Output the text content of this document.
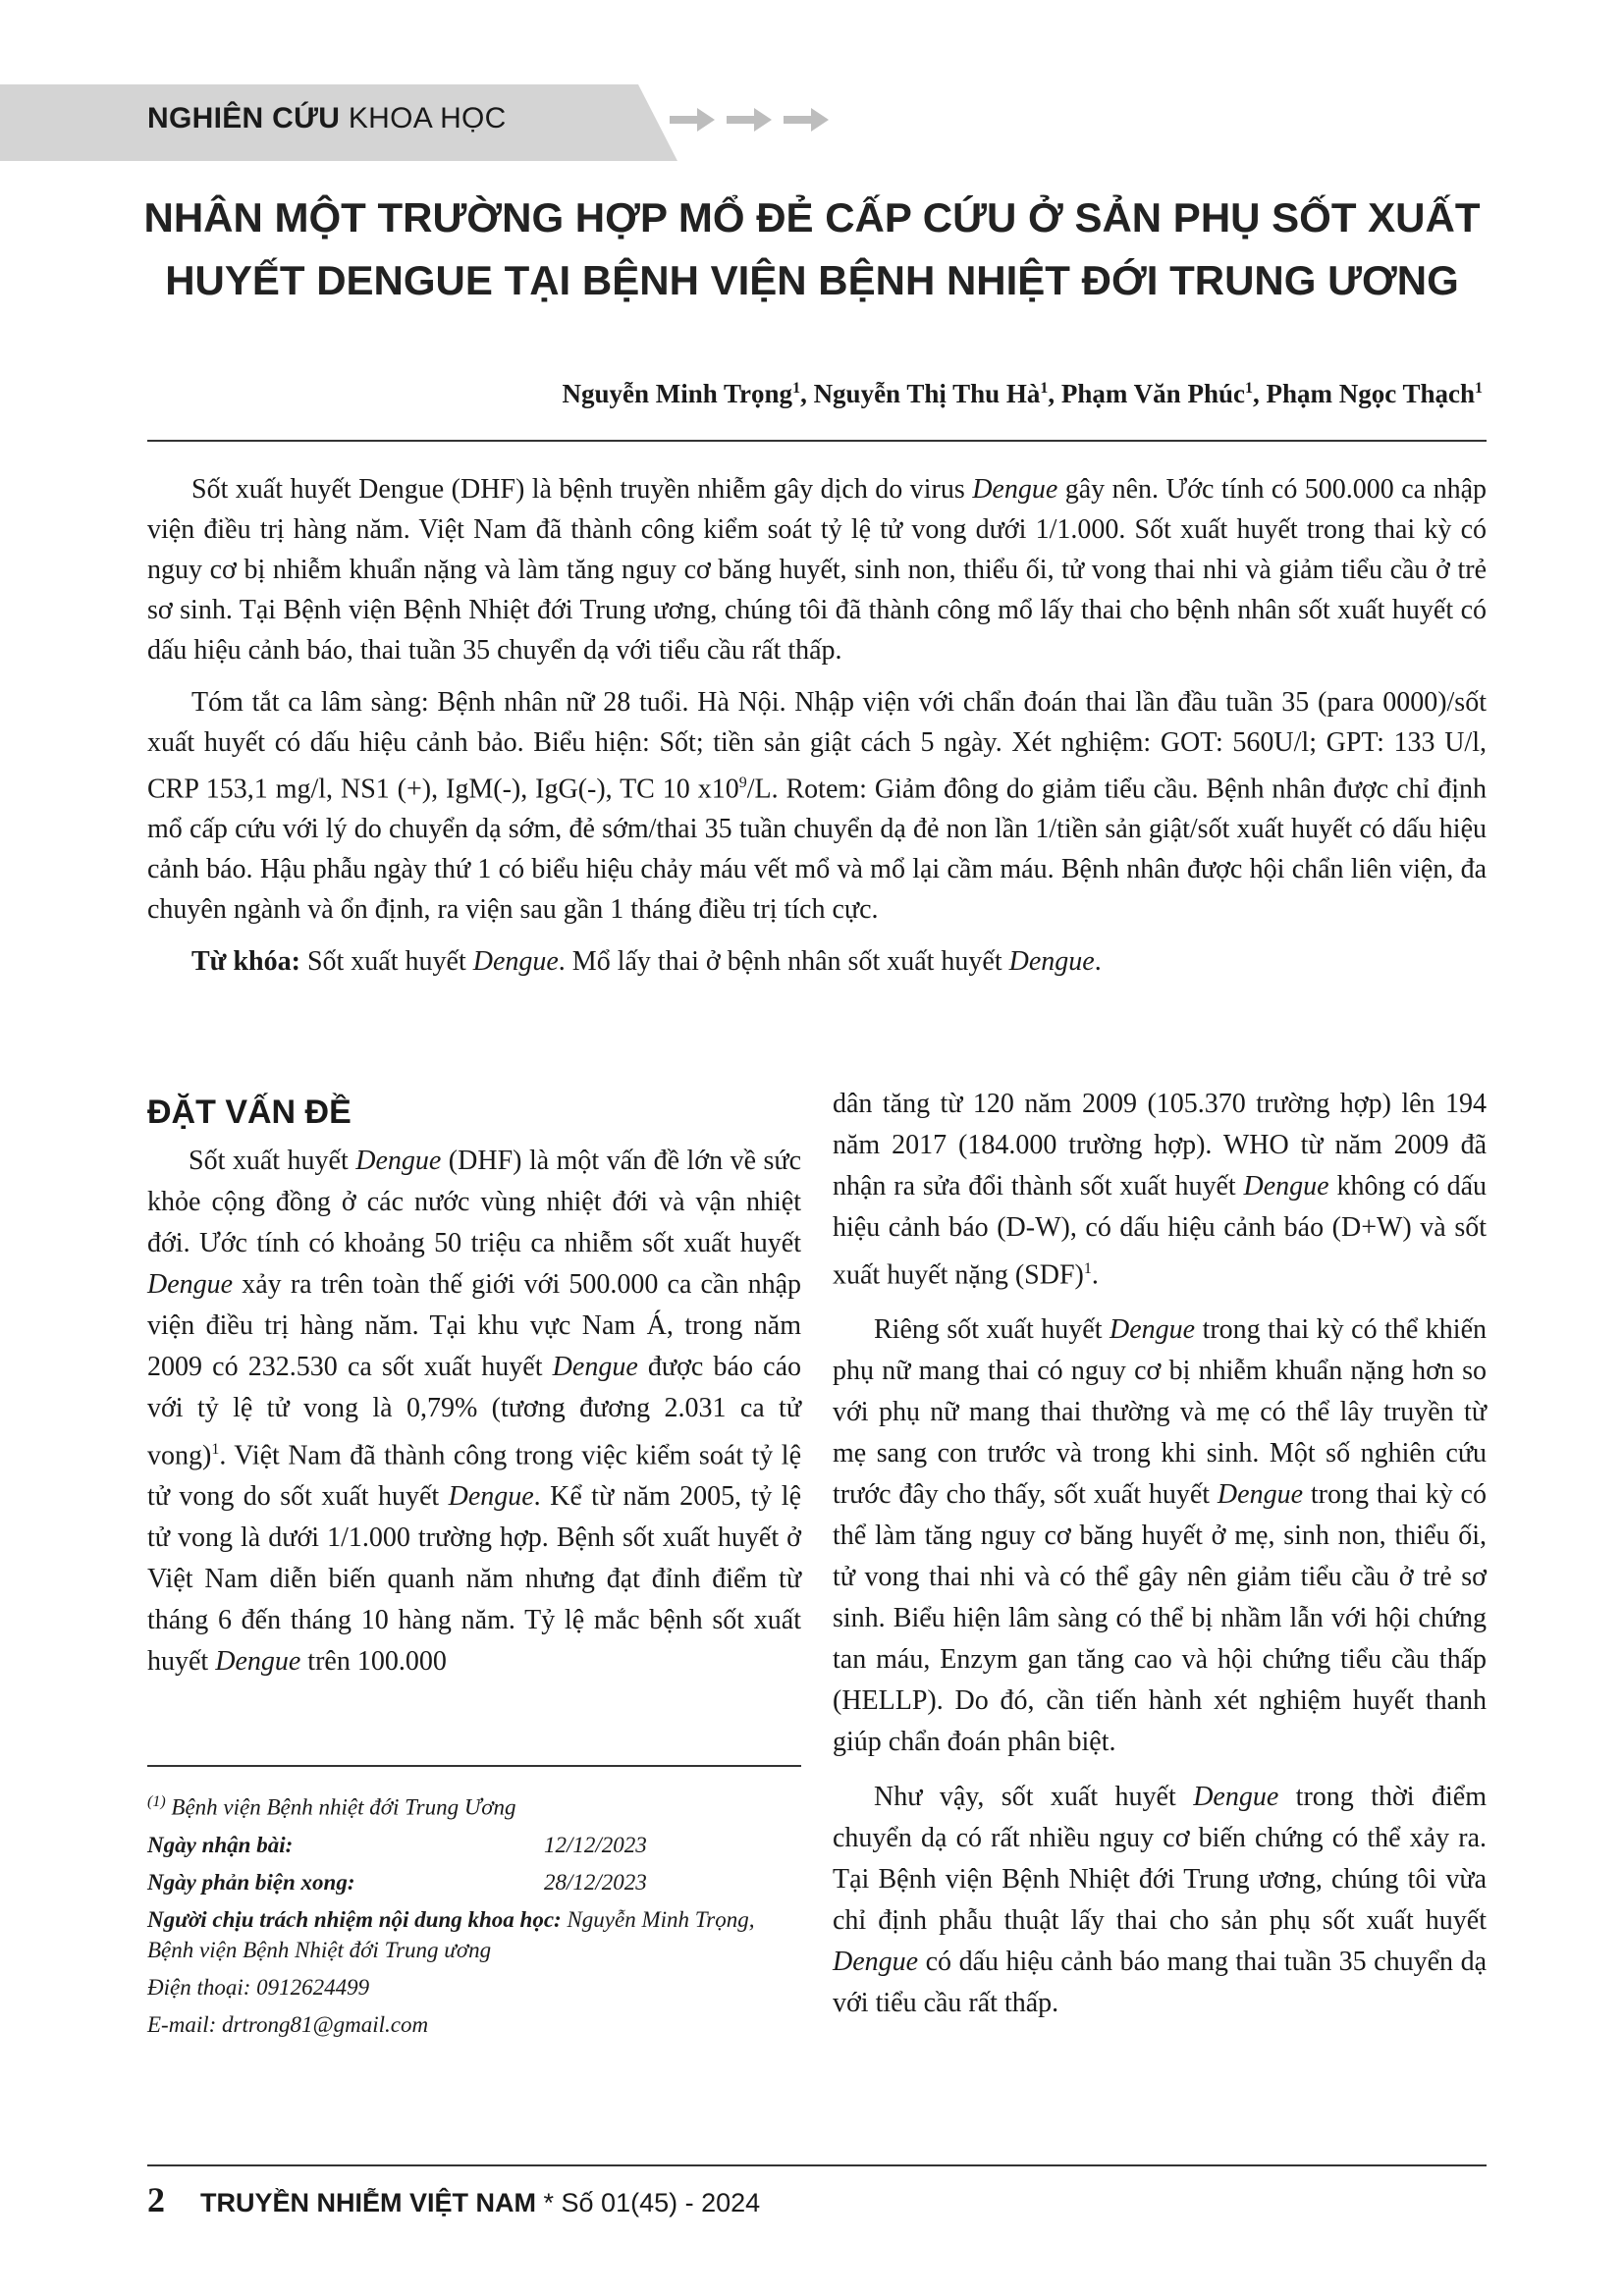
NGHIÊN CỨU KHOA HỌC
NHÂN MỘT TRƯỜNG HỢP MỔ ĐẺ CẤP CỨU Ở SẢN PHỤ SỐT XUẤT
HUYẾT DENGUE TẠI BỆNH VIỆN BỆNH NHIỆT ĐỚI TRUNG ƯƠNG
Nguyễn Minh Trọng$^1$, Nguyễn Thị Thu $Hà^1$, Phạm Văn Phúc$^1$, Phạm Ngọc Thạch$^1$

Sốt xuất huyết Dengue (DHF) là bệnh truyền nhiễm gây dịch do virus Dengue gây nên. Ước tính có 500.000 ca nhập viện điều trị hàng năm. Việt Nam đã thành công kiểm soát tỷ lệ tử vong dưới 1/1.000. Sốt xuất huyết trong thai kỳ có nguy cơ bị nhiễm khuẩn nặng và làm tăng nguy cơ băng huyết, sinh non, thiểu ối, tử vong thai nhi và giảm tiểu cầu ở trẻ sơ sinh. Tại Bệnh viện Bệnh Nhiệt đới Trung ương, chúng tôi đã thành công mổ lấy thai cho bệnh nhân sốt xuất huyết có dấu hiệu cảnh báo, thai tuần 35 chuyển dạ với tiểu cầu rất thấp.

Tóm tắt ca lâm sàng: Bệnh nhân nữ 28 tuổi. Hà Nội. Nhập viện với chẩn đoán thai lần đầu tuần 35 (para 0000)/sốt xuất huyết có dấu hiệu cảnh bảo. Biểu hiện: Sốt; tiền sản giật cách 5 ngày. Xét nghiệm: GOT: 560U/l; GPT: 133 U/l, CRP 153,1 mg/l, NS1 (+), IgM(-), IgG(-), TC 10 $x10^9/L$. Rotem: Giảm đông do giảm tiểu cầu. Bệnh nhân được chỉ định mổ cấp cứu với lý do chuyển dạ sớm, đẻ sớm/thai 35 tuần chuyển dạ đẻ non lần 1/tiền sản giật/sốt xuất huyết có dấu hiệu cảnh báo. Hậu phẫu ngày thứ 1 có biểu hiệu chảy máu vết mổ và mổ lại cầm máu. Bệnh nhân được hội chẩn liên viện, đa chuyên ngành và ổn định, ra viện sau gần 1 tháng điều trị tích cực.

Từ khóa: Sốt xuất huyết Dengue. Mổ lấy thai ở bệnh nhân sốt xuất huyết Dengue.

ĐẶT VẤN ĐỀ

Sốt xuất huyết Dengue (DHF) là một vấn đề lớn về sức khỏe cộng đồng ở các nước vùng nhiệt đới và vận nhiệt đới. Ước tính có khoảng 50 triệu ca nhiễm sốt xuất huyết Dengue xảy ra trên toàn thế giới với 500.000 ca cần nhập viện điều trị hàng năm. Tại khu vực Nam Á, trong năm 2009 có 232.530 ca sốt xuất huyết Dengue được báo cáo với tỷ lệ tử vong là 0,79% (tương đương 2.031 ca tử vong)$^1$. Việt Nam đã thành công trong việc kiểm soát tỷ lệ tử vong do sốt xuất huyết Dengue. Kể từ năm 2005, tỷ lệ tử vong là dưới 1/1.000 trường hợp. Bệnh sốt xuất huyết ở Việt Nam diễn biến quanh năm nhưng đạt đỉnh điểm từ tháng 6 đến tháng 10 hàng năm. Tỷ lệ mắc bệnh sốt xuất huyết Dengue trên 100.000

dân tăng từ 120 năm 2009 (105.370 trường hợp) lên 194 năm 2017 (184.000 trường hợp). WHO từ năm 2009 đã nhận ra sửa đổi thành sốt xuất huyết Dengue không có dấu hiệu cảnh báo (D-W), có dấu hiệu cảnh báo (D+W) và sốt xuất huyết nặng (SDF)$^1$.

Riêng sốt xuất huyết Dengue trong thai kỳ có thể khiến phụ nữ mang thai có nguy cơ bị nhiễm khuẩn nặng hơn so với phụ nữ mang thai thường và mẹ có thể lây truyền từ mẹ sang con trước và trong khi sinh. Một số nghiên cứu trước đây cho thấy, sốt xuất huyết Dengue trong thai kỳ có thể làm tăng nguy cơ băng huyết ở mẹ, sinh non, thiểu ối, tử vong thai nhi và có thể gây nên giảm tiểu cầu ở trẻ sơ sinh. Biểu hiện lâm sàng có thể bị nhầm lẫn với hội chứng tan máu, Enzym gan tăng cao và hội chứng tiểu cầu thấp (HELLP). Do đó, cần tiến hành xét nghiệm huyết thanh giúp chẩn đoán phân biệt.

Như vậy, sốt xuất huyết Dengue trong thời điểm chuyển dạ có rất nhiều nguy cơ biến chứng có thể xảy ra. Tại Bệnh viện Bệnh Nhiệt đới Trung ương, chúng tôi vừa chỉ định phẫu thuật lấy thai cho sản phụ sốt xuất huyết Dengue có dấu hiệu cảnh báo mang thai tuần 35 chuyển dạ với tiểu cầu rất thấp.

$^{(1)}$ Bệnh viện Bệnh nhiệt đới Trung Ương
Ngày nhận bài:	12/12/2023
Ngày phản biện xong:	28/12/2023
Người chịu trách nhiệm nội dung khoa học: Nguyễn Minh Trọng, Bệnh viện Bệnh Nhiệt đới Trung ương
Điện thoại: 0912624499
E-mail: drtrong81@gmail.com
2 TRUYỀN NHIỄM VIỆT NAM * Số 01(45) - 2024
